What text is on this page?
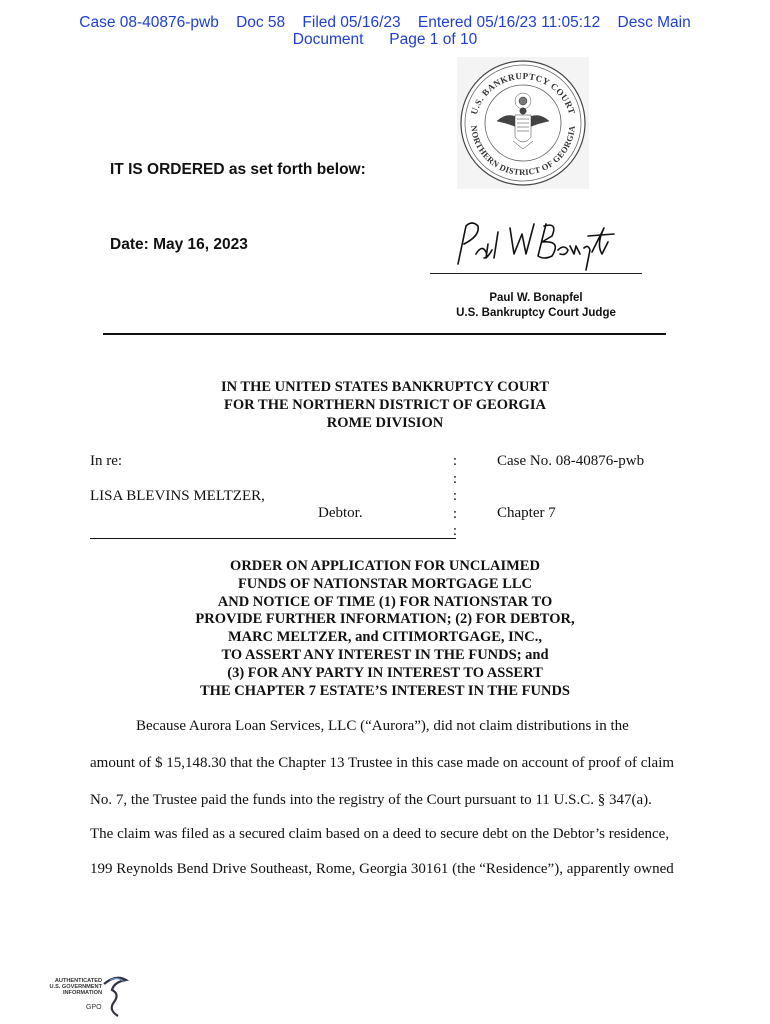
Case 08-40876-pwb    Doc 58    Filed 05/16/23    Entered 05/16/23 11:05:12    Desc Main
Document      Page 1 of 10
U.S. BANKRUPTCY COURT
NORTHERN DISTRICT OF GEORGIA
IT IS ORDERED as set forth below:
Date: May 16, 2023
Paul W. Bonapfel
U.S. Bankruptcy Court Judge
IN THE UNITED STATES BANKRUPTCY COURT
FOR THE NORTHERN DISTRICT OF GEORGIA
ROME DIVISION
In re:
LISA BLEVINS MELTZER,
Debtor.
:
:
:
:
:
Case No. 08-40876-pwb
Chapter 7
ORDER ON APPLICATION FOR UNCLAIMED
FUNDS OF NATIONSTAR MORTGAGE LLC
AND NOTICE OF TIME (1) FOR NATIONSTAR TO
PROVIDE FURTHER INFORMATION; (2) FOR DEBTOR,
MARC MELTZER, and CITIMORTGAGE, INC.,
TO ASSERT ANY INTEREST IN THE FUNDS; and
(3) FOR ANY PARTY IN INTEREST TO ASSERT
THE CHAPTER 7 ESTATE’S INTEREST IN THE FUNDS
Because Aurora Loan Services, LLC (“Aurora”), did not claim distributions in the
amount of $ 15,148.30 that the Chapter 13 Trustee in this case made on account of proof of claim
No. 7, the Trustee paid the funds into the registry of the Court pursuant to 11 U.S.C. § 347(a).
The claim was filed as a secured claim based on a deed to secure debt on the Debtor’s residence,
199 Reynolds Bend Drive Southeast, Rome, Georgia 30161 (the “Residence”), apparently owned
AUTHENTICATED
U.S. GOVERNMENT
INFORMATION
GPO
